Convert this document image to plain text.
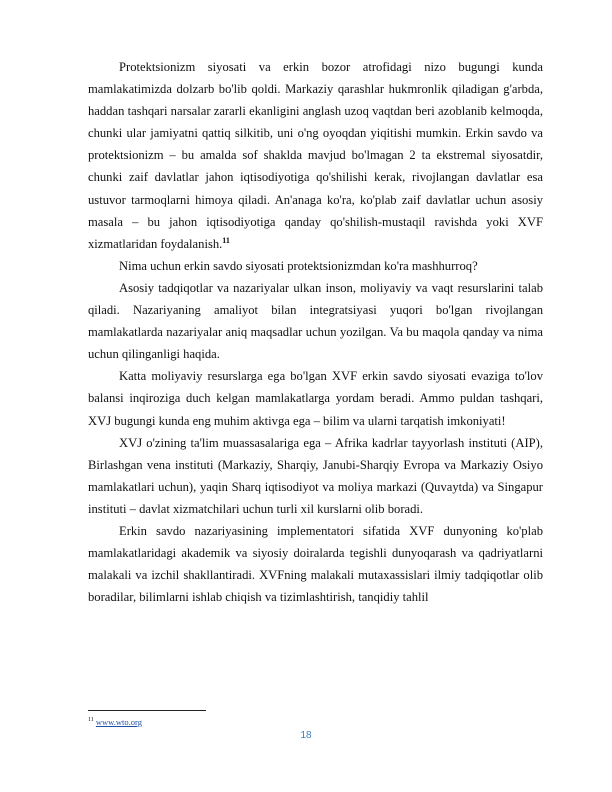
Protektsionizm siyosati va erkin bozor atrofidagi nizo bugungi kunda mamlakatimizda dolzarb bo'lib qoldi. Markaziy qarashlar hukmronlik qiladigan g'arbda, haddan tashqari narsalar zararli ekanligini anglash uzoq vaqtdan beri azoblanib kelmoqda, chunki ular jamiyatni qattiq silkitib, uni o'ng oyoqdan yiqitishi mumkin. Erkin savdo va protektsionizm – bu amalda sof shaklda mavjud bo'lmagan 2 ta ekstremal siyosatdir, chunki zaif davlatlar jahon iqtisodiyotiga qo'shilishi kerak, rivojlangan davlatlar esa ustuvor tarmoqlarni himoya qiladi. An'anaga ko'ra, ko'plab zaif davlatlar uchun asosiy masala – bu jahon iqtisodiyotiga qanday qo'shilish-mustaqil ravishda yoki XVF xizmatlaridan foydalanish.$^{11}$

Nima uchun erkin savdo siyosati protektsionizmdan ko'ra mashhurroq?

Asosiy tadqiqotlar va nazariyalar ulkan inson, moliyaviy va vaqt resurslarini talab qiladi. Nazariyaning amaliyot bilan integratsiyasi yuqori bo'lgan rivojlangan mamlakatlarda nazariyalar aniq maqsadlar uchun yozilgan. Va bu maqola qanday va nima uchun qilinganligi haqida.

Katta moliyaviy resurslarga ega bo'lgan XVF erkin savdo siyosati evaziga to'lov balansi inqiroziga duch kelgan mamlakatlarga yordam beradi. Ammo puldan tashqari, XVJ bugungi kunda eng muhim aktivga ega – bilim va ularni tarqatish imkoniyati!

XVJ o'zining ta'lim muassasalariga ega – Afrika kadrlar tayyorlash instituti (AIP), Birlashgan vena instituti (Markaziy, Sharqiy, Janubi-Sharqiy Evropa va Markaziy Osiyo mamlakatlari uchun), yaqin Sharq iqtisodiyot va moliya markazi (Quvaytda) va Singapur instituti – davlat xizmatchilari uchun turli xil kurslarni olib boradi.

Erkin savdo nazariyasining implementatori sifatida XVF dunyoning ko'plab mamlakatlaridagi akademik va siyosiy doiralarda tegishli dunyoqarash va qadriyatlarni malakali va izchil shakllantiradi. XVFning malakali mutaxassislari ilmiy tadqiqotlar olib boradilar, bilimlarni ishlab chiqish va tizimlashtirish, tanqidiy tahlil

$^{11}$ www.wto.org
18
